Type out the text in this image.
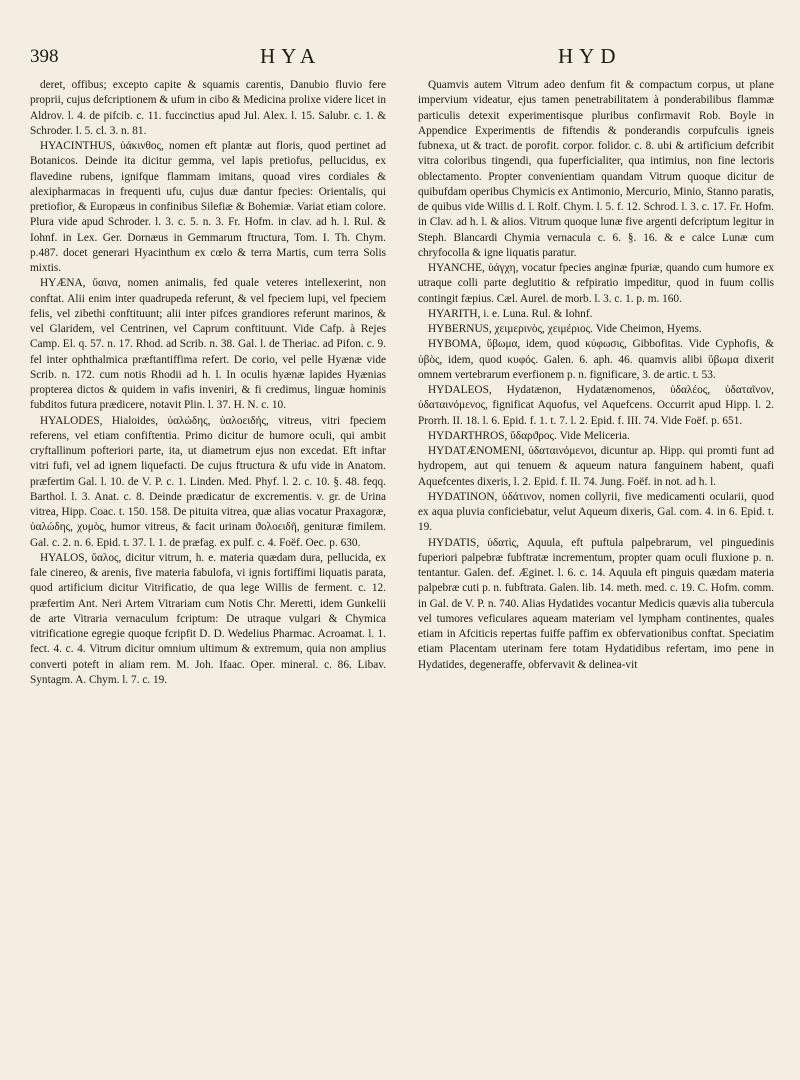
398	HYA	HYD

deret, offibus; excepto capite & squamis carentis, Danubio fluvio fere proprii, cujus defcriptionem & ufum in cibo & Medicina prolixe videre licet in Aldrov. l. 4. de pifcib. c. 11. fuccinctius apud Jul. Alex. l. 15. Salubr. c. 1. & Schroder. l. 5. cl. 3. n. 81.

HYACINTHUS, ὑάκινθος, nomen eft plantæ aut floris, quod pertinet ad Botanicos. Deinde ita dicitur gemma, vel lapis pretiofus, pellucidus, ex flavedine rubens, ignifque flammam imitans, quoad vires cordiales & alexipharmacas in frequenti ufu, cujus duæ dantur fpecies: Orientalis, qui pretiofior, & Europæus in confinibus Silefiæ & Bohemiæ. Variat etiam colore. Plura vide apud Schroder. l. 3. c. 5. n. 3. Fr. Hofm. in clav. ad h. l. Rul. & Iohnf. in Lex. Ger. Dornæus in Gemmarum ftructura, Tom. I. Th. Chym. p.487. docet generari Hyacinthum ex cœlo & terra Martis, cum terra Solis mixtis.

HYÆNA, ὕαινα, nomen animalis, fed quale veteres intellexerint, non conftat. Alii enim inter quadrupeda referunt, & vel fpeciem lupi, vel fpeciem felis, vel zibethi conftituunt; alii inter pifces grandiores referunt marinos, & vel Glaridem, vel Centrinen, vel Caprum conftituunt. Vide Cafp. à Rejes Camp. El. q. 57. n. 17. Rhod. ad Scrib. n. 38. Gal. l. de Theriac. ad Pifon. c. 9. fel inter ophthalmica præftantiffima refert. De corio, vel pelle Hyænæ vide Scrib. n. 172. cum notis Rhodii ad h. l. In oculis hyænæ lapides Hyænias propterea dictos & quidem in vafis inveniri, & fi credimus, linguæ hominis fubditos futura prædicere, notavit Plin. l. 37. H. N. c. 10.

HYALODES, Hialoides, ὑαλώδης, ὑαλοειδής, vitreus, vitri fpeciem referens, vel etiam confiftentia. Primo dicitur de humore oculi, qui ambit cryftallinum pofteriori parte, ita, ut diametrum ejus non excedat. Eft inftar vitri fufi, vel ad ignem liquefacti. De cujus ftructura & ufu vide in Anatom. præfertim Gal. l. 10. de V. P. c. 1. Linden. Med. Phyf. l. 2. c. 10. §. 48. feqq. Barthol. l. 3. Anat. c. 8. Deinde prædicatur de excrementis. v. gr. de Urina vitrea, Hipp. Coac. t. 150. 158. De pituita vitrea, quæ alias vocatur Praxagoræ, ὑαλώδης, χυμὸς, humor vitreus, & facit urinam ϑολοειδῆ, genituræ fimilem. Gal. c. 2. n. 6. Epid. t. 37. l. 1. de præfag. ex pulf. c. 4. Foëf. Oec. p. 630.

HYALOS, ὕαλος, dicitur vitrum, h. e. materia quædam dura, pellucida, ex fale cinereo, & arenis, five materia fabulofa, vi ignis fortiffimi liquatis parata, quod artificium dicitur Vitrificatio, de qua lege Willis de ferment. c. 12. præfertim Ant. Neri Artem Vitrariam cum Notis Chr. Meretti, idem Gunkelii de arte Vitraria vernaculum fcriptum: De utraque vulgari & Chymica vitrificatione egregie quoque fcripfit D. D. Wedelius Pharmac. Acroamat. l. 1. fect. 4. c. 4. Vitrum dicitur omnium ultimum & extremum, quia non amplius converti poteft in aliam rem. M. Joh. Ifaac. Oper. mineral. c. 86. Libav. Syntagm. A. Chym. l. 7. c. 19.

Quamvis autem Vitrum adeo denfum fit & compactum corpus, ut plane impervium videatur, ejus tamen penetrabilitatem à ponderabilibus flammæ particulis detexit experimentisque pluribus confirmavit Rob. Boyle in Appendice Experimentis de fiftendis & ponderandis corpufculis igneis fubnexa, ut & tract. de porofit. corpor. folidor. c. 8. ubi & artificium defcribit vitra coloribus tingendi, qua fuperficialiter, qua intimius, non fine lectoris oblectamento. Propter convenientiam quandam Vitrum quoque dicitur de quibufdam operibus Chymicis ex Antimonio, Mercurio, Minio, Stanno paratis, de quibus vide Willis d. l. Rolf. Chym. l. 5. f. 12. Schrod. l. 3. c. 17. Fr. Hofm. in Clav. ad h. l. & alios. Vitrum quoque lunæ five argenti defcriptum legitur in Steph. Blancardi Chymia vernacula c. 6. §. 16. & e calce Lunæ cum chryfocolla & igne liquatis paratur.

HYANCHE, ὑάγχη, vocatur fpecies anginæ fpuriæ, quando cum humore ex utraque colli parte deglutitio & refpiratio impeditur, quod in fuum collis contingit fæpius. Cæl. Aurel. de morb. l. 3. c. 1. p. m. 160.

HYARITH, i. e. Luna. Rul. & Iohnf.

HYBERNUS, χειμερινὸς, χειμέριος. Vide Cheimon, Hyems.

HYBOMA, ὕβωμα, idem, quod κύφωσις, Gibbofitas. Vide Cyphofis, & ὑβὸς, idem, quod κυφός. Galen. 6. aph. 46. quamvis alibi ὕβωμα dixerit omnem vertebrarum everfionem p. n. fignificare, 3. de artic. t. 53.

HYDALEOS, Hydatænon, Hydatænomenos, ὑδαλέος, ὑδαταῖνον, ὑδαταινόμενος, fignificat Aquofus, vel Aquefcens. Occurrit apud Hipp. l. 2. Prorrh. II. 18. l. 6. Epid. f. 1. t. 7. l. 2. Epid. f. III. 74. Vide Foëf. p. 651.

HYDARTHROS, ὕδαρϑρος. Vide Meliceria.

HYDATÆNOMENI, ὑδαταινόμενοι, dicuntur ap. Hipp. qui promti funt ad hydropem, aut qui tenuem & aqueum natura fanguinem habent, quafi Aquefcentes dixeris, l. 2. Epid. f. II. 74. Jung. Foëf. in not. ad h. l.

HYDATINON, ὑδάτινον, nomen collyrii, five medicamenti ocularii, quod ex aqua pluvia conficiebatur, velut Aqueum dixeris, Gal. com. 4. in 6. Epid. t. 19.

HYDATIS, ὑδατὶς, Aquula, eft puftula palpebrarum, vel pinguedinis fuperiori palpebræ fubftratæ incrementum, propter quam oculi fluxione p. n. tentantur. Galen. def. Æginet. l. 6. c. 14. Aquula eft pinguis quædam materia palpebræ cuti p. n. fubftrata. Galen. lib. 14. meth. med. c. 19. C. Hofm. comm. in Gal. de V. P. n. 740. Alias Hydatides vocantur Medicis quævis alia tubercula vel tumores veficulares aqueam materiam vel lympham continentes, quales etiam in Afciticis repertas fuiffe paffim ex obfervationibus conftat. Speciatim etiam Placentam uterinam fere totam Hydatidibus refertam, imo pene in Hydatides, degeneraffe, obfervavit & delinea-vit
